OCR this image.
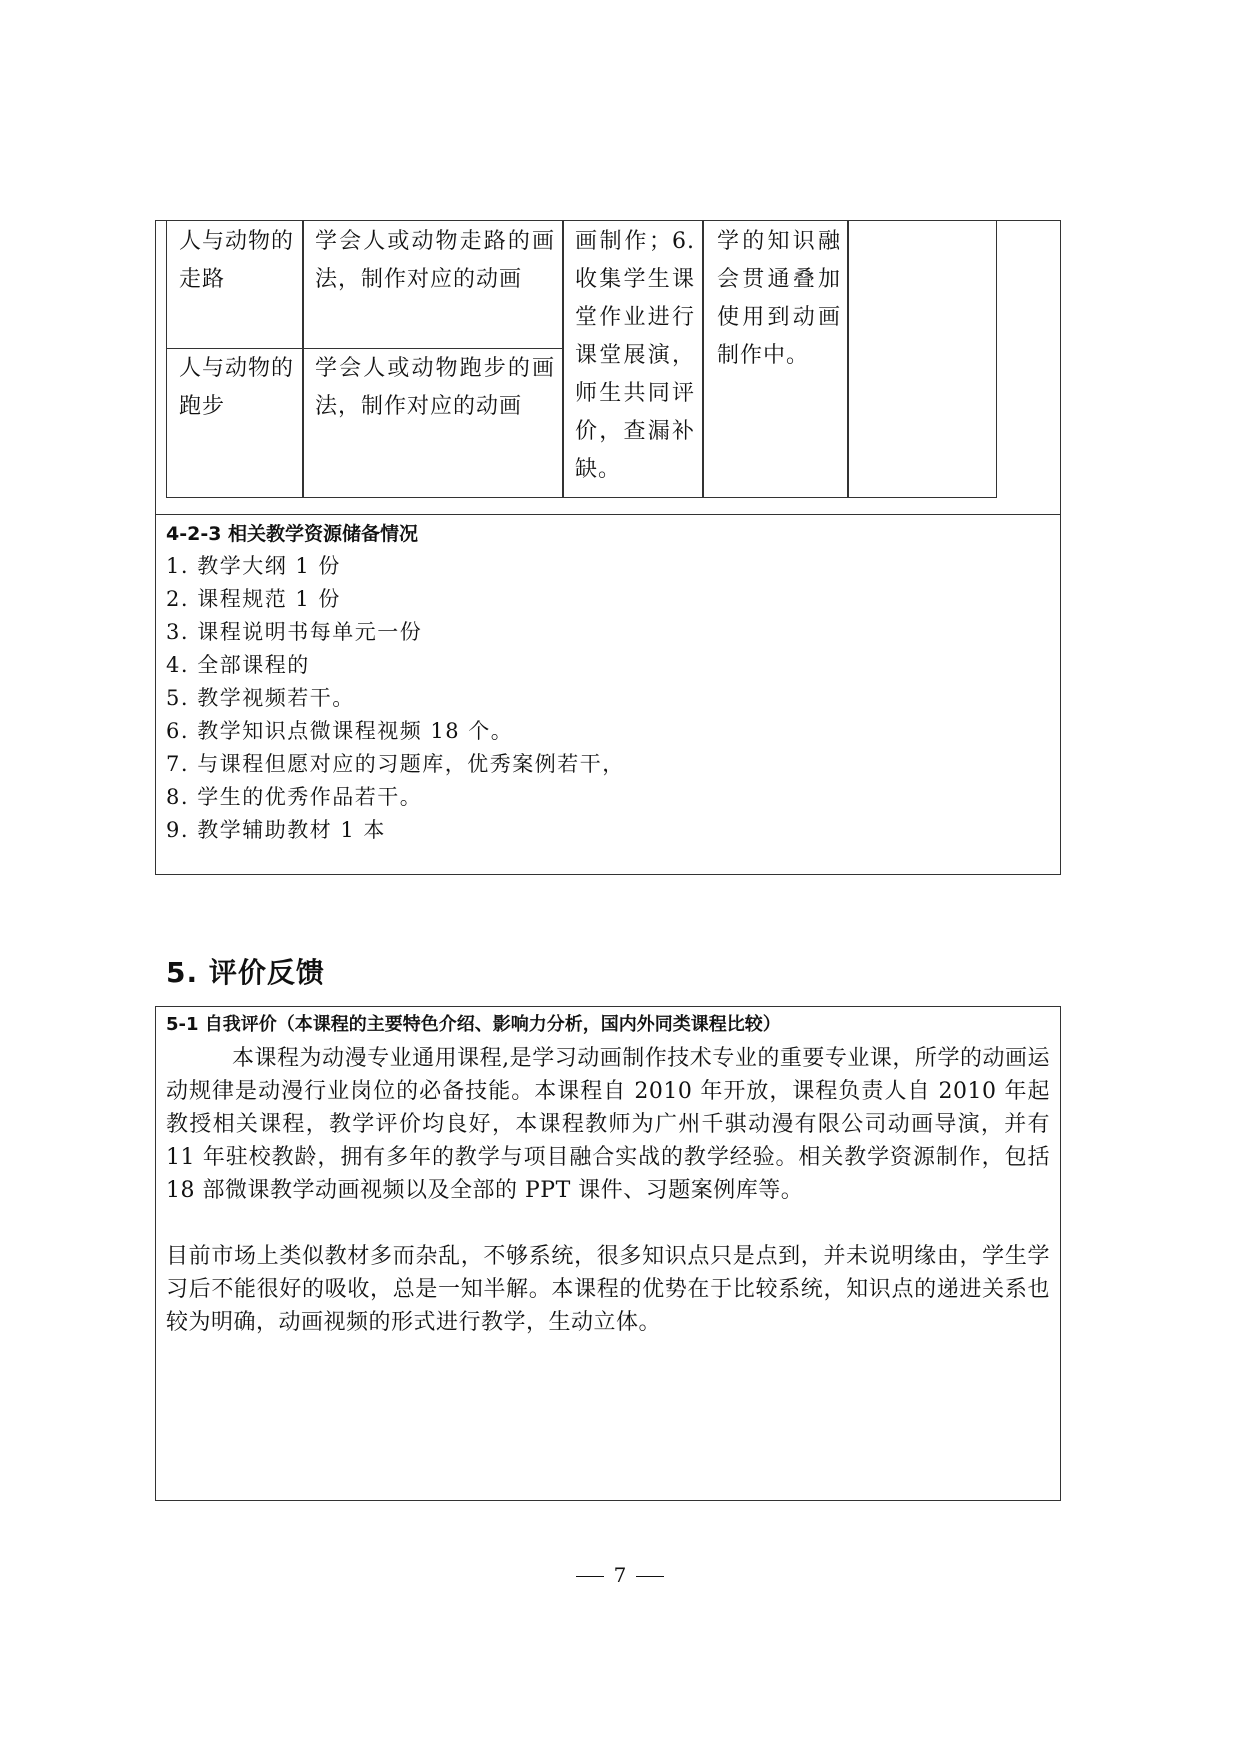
人与动物的走路
学会人或动物走路的画法，制作对应的动画
人与动物的跑步
学会人或动物跑步的画法，制作对应的动画
画制作；6. 收集学生课堂作业进行课堂展演，师生共同评价，查漏补缺。
学的知识融会贯通叠加使用到动画制作中。
4-2-3 相关教学资源储备情况
1. 教学大纲 1 份
2. 课程规范 1 份
3. 课程说明书每单元一份
4. 全部课程的
5. 教学视频若干。
6. 教学知识点微课程视频 18 个。
7. 与课程但愿对应的习题库，优秀案例若干，
8. 学生的优秀作品若干。
9. 教学辅助教材 1 本
5. 评价反馈
5-1 自我评价（本课程的主要特色介绍、影响力分析，国内外同类课程比较）

本课程为动漫专业通用课程,是学习动画制作技术专业的重要专业课，所学的动画运动规律是动漫行业岗位的必备技能。本课程自 2010 年开放，课程负责人自 2010 年起教授相关课程，教学评价均良好，本课程教师为广州千骐动漫有限公司动画导演，并有 11 年驻校教龄，拥有多年的教学与项目融合实战的教学经验。相关教学资源制作，包括 18 部微课教学动画视频以及全部的 PPT 课件、习题案例库等。

目前市场上类似教材多而杂乱，不够系统，很多知识点只是点到，并未说明缘由，学生学习后不能很好的吸收，总是一知半解。本课程的优势在于比较系统，知识点的递进关系也较为明确，动画视频的形式进行教学，生动立体。

7
